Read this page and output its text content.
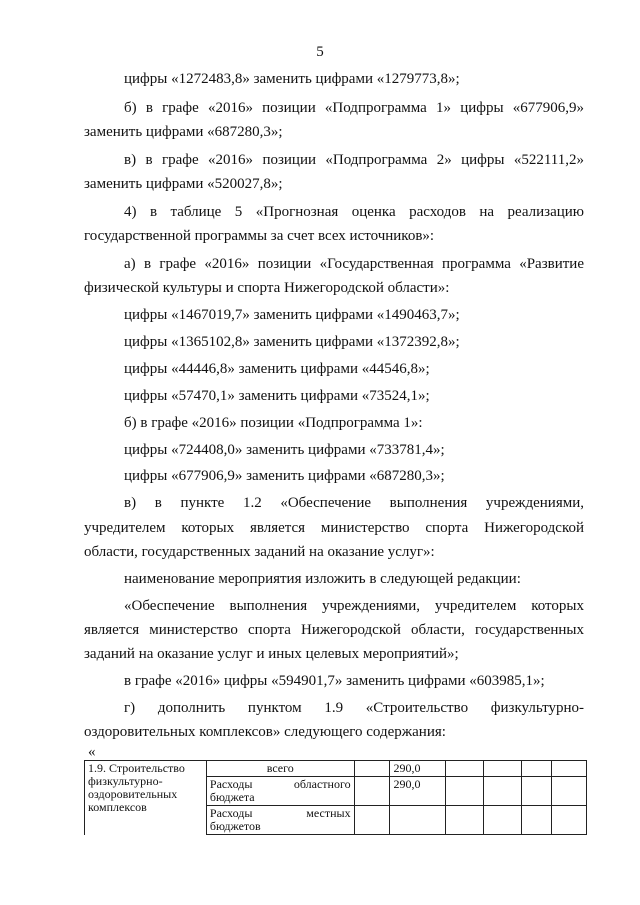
5
цифры «1272483,8» заменить цифрами «1279773,8»;
б) в графе «2016» позиции «Подпрограмма 1» цифры «677906,9»
заменить цифрами «687280,3»;
в) в графе «2016» позиции «Подпрограмма 2» цифры «522111,2»
заменить цифрами «520027,8»;
4) в таблице 5 «Прогнозная оценка расходов на реализацию
государственной программы за счет всех источников»:
а) в графе «2016» позиции «Государственная программа «Развитие
физической культуры и спорта Нижегородской области»:
цифры «1467019,7» заменить цифрами «1490463,7»;
цифры «1365102,8» заменить цифрами «1372392,8»;
цифры «44446,8» заменить цифрами «44546,8»;
цифры «57470,1» заменить цифрами «73524,1»;
б) в графе «2016» позиции «Подпрограмма 1»:
цифры «724408,0» заменить цифрами «733781,4»;
цифры «677906,9» заменить цифрами «687280,3»;
в) в пункте 1.2 «Обеспечение выполнения учреждениями,
учредителем которых является министерство спорта Нижегородской
области, государственных заданий на оказание услуг»:
наименование мероприятия изложить в следующей редакции:
«Обеспечение выполнения учреждениями, учредителем которых
является министерство спорта Нижегородской области, государственных
заданий на оказание услуг и иных целевых мероприятий»;
в графе «2016» цифры «594901,7» заменить цифрами «603985,1»;
г) дополнить пунктом 1.9 «Строительство физкультурно-
оздоровительных комплексов» следующего содержания:
«
1.9. Строительство
физкультурно-
оздоровительных
комплексов	всего		290,0				

	Расходы областного
бюджета		290,0				

	Расходы местных
бюджетов						
